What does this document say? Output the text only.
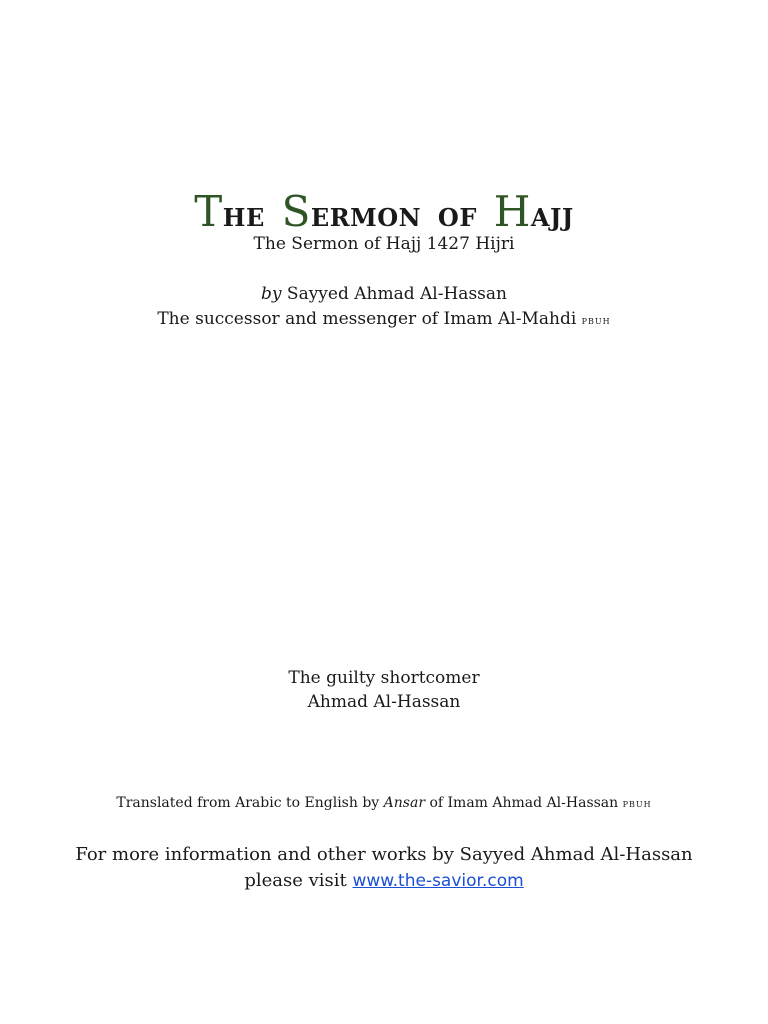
THE SERMON OF HAJJ
The Sermon of Hajj 1427 Hijri
by Sayyed Ahmad Al-Hassan
The successor and messenger of Imam Al-Mahdi pbuh
The guilty shortcomer
Ahmad Al-Hassan
Translated from Arabic to English by Ansar of Imam Ahmad Al-Hassan pbuh
For more information and other works by Sayyed Ahmad Al-Hassan
please visit www.the-savior.com
